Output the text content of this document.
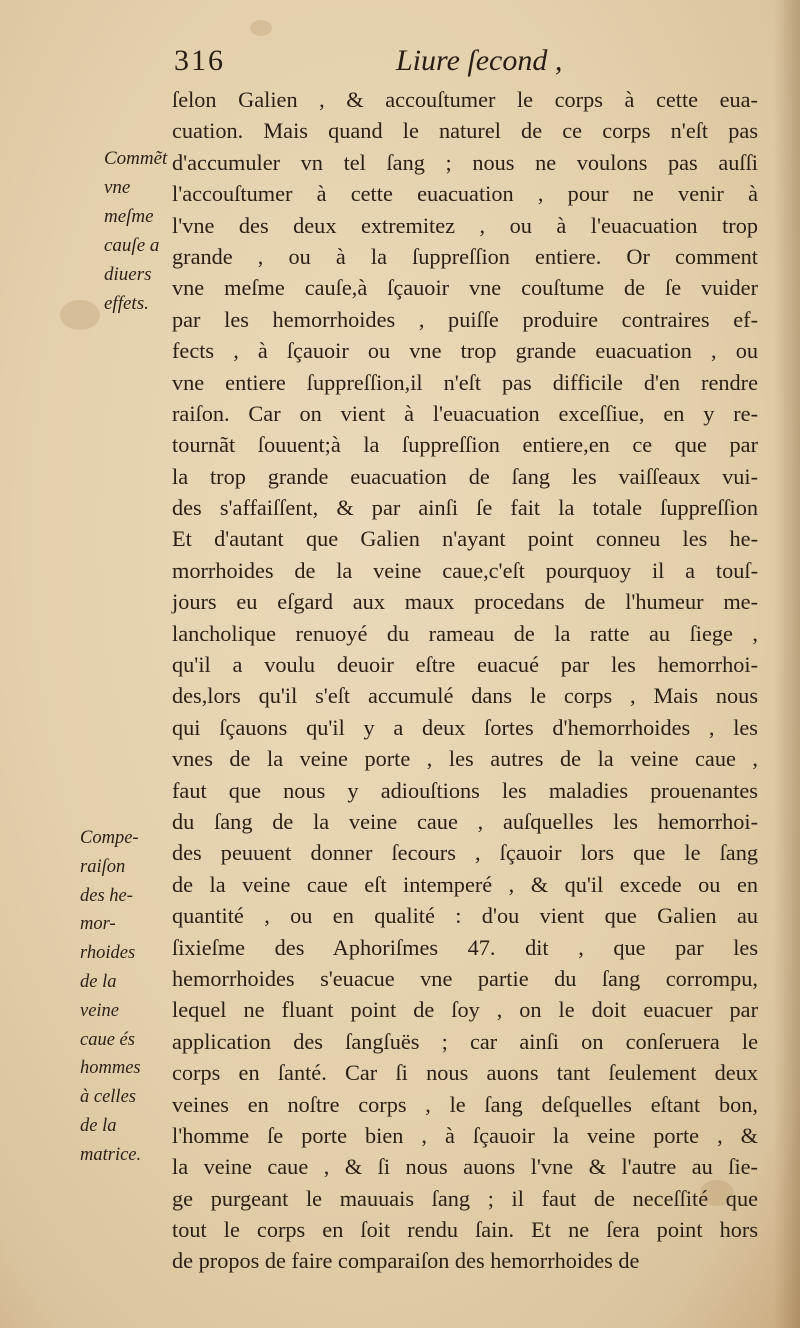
316	Liure ſecond ,
Commẽt
vne
meſme
cauſe a
diuers
effets.
Compe-
raiſon
des he-
mor-
rhoides
de la
veine
caue és
hommes
à celles
de la
matrice.
ſelon Galien , & accouſtumer le corps à cette eua-
cuation. Mais quand le naturel de ce corps n'eſt pas
d'accumuler vn tel ſang ; nous ne voulons pas auſſi
l'accouſtumer à cette euacuation , pour ne venir à
l'vne des deux extremitez , ou à l'euacuation trop
grande , ou à la ſuppreſſion entiere. Or comment
vne meſme cauſe,à ſçauoir vne couſtume de ſe vuider
par les hemorrhoides , puiſſe produire contraires ef-
fects , à ſçauoir ou vne trop grande euacuation , ou
vne entiere ſuppreſſion,il n'eſt pas difficile d'en rendre
raiſon. Car on vient à l'euacuation exceſſiue, en y re-
tournãt ſouuent;à la ſuppreſſion entiere,en ce que par
la trop grande euacuation de ſang les vaiſſeaux vui-
des s'affaiſſent, & par ainſi ſe fait la totale ſuppreſſion
Et d'autant que Galien n'ayant point conneu les he-
morrhoides de la veine caue,c'eſt pourquoy il a touſ-
jours eu eſgard aux maux procedans de l'humeur me-
lancholique renuoyé du rameau de la ratte au ſiege ,
qu'il a voulu deuoir eſtre euacué par les hemorrhoi-
des,lors qu'il s'eſt accumulé dans le corps , Mais nous
qui ſçauons qu'il y a deux ſortes d'hemorrhoides , les
vnes de la veine porte , les autres de la veine caue ,
faut que nous y adiouſtions les maladies prouenantes
du ſang de la veine caue , auſquelles les hemorrhoi-
des peuuent donner ſecours , ſçauoir lors que le ſang
de la veine caue eſt intemperé , & qu'il excede ou en
quantité , ou en qualité : d'ou vient que Galien au
ſixieſme des Aphoriſmes 47. dit , que par les
hemorrhoides s'euacue vne partie du ſang corrompu,
lequel ne fluant point de ſoy , on le doit euacuer par
application des ſangſuës ; car ainſi on conſeruera le
corps en ſanté. Car ſi nous auons tant ſeulement deux
veines en noſtre corps , le ſang deſquelles eſtant bon,
l'homme ſe porte bien , à ſçauoir la veine porte , &
la veine caue , & ſi nous auons l'vne & l'autre au ſie-
ge purgeant le mauuais ſang ; il faut de neceſſité que
tout le corps en ſoit rendu ſain. Et ne ſera point hors
de propos de faire comparaiſon des hemorrhoides de
